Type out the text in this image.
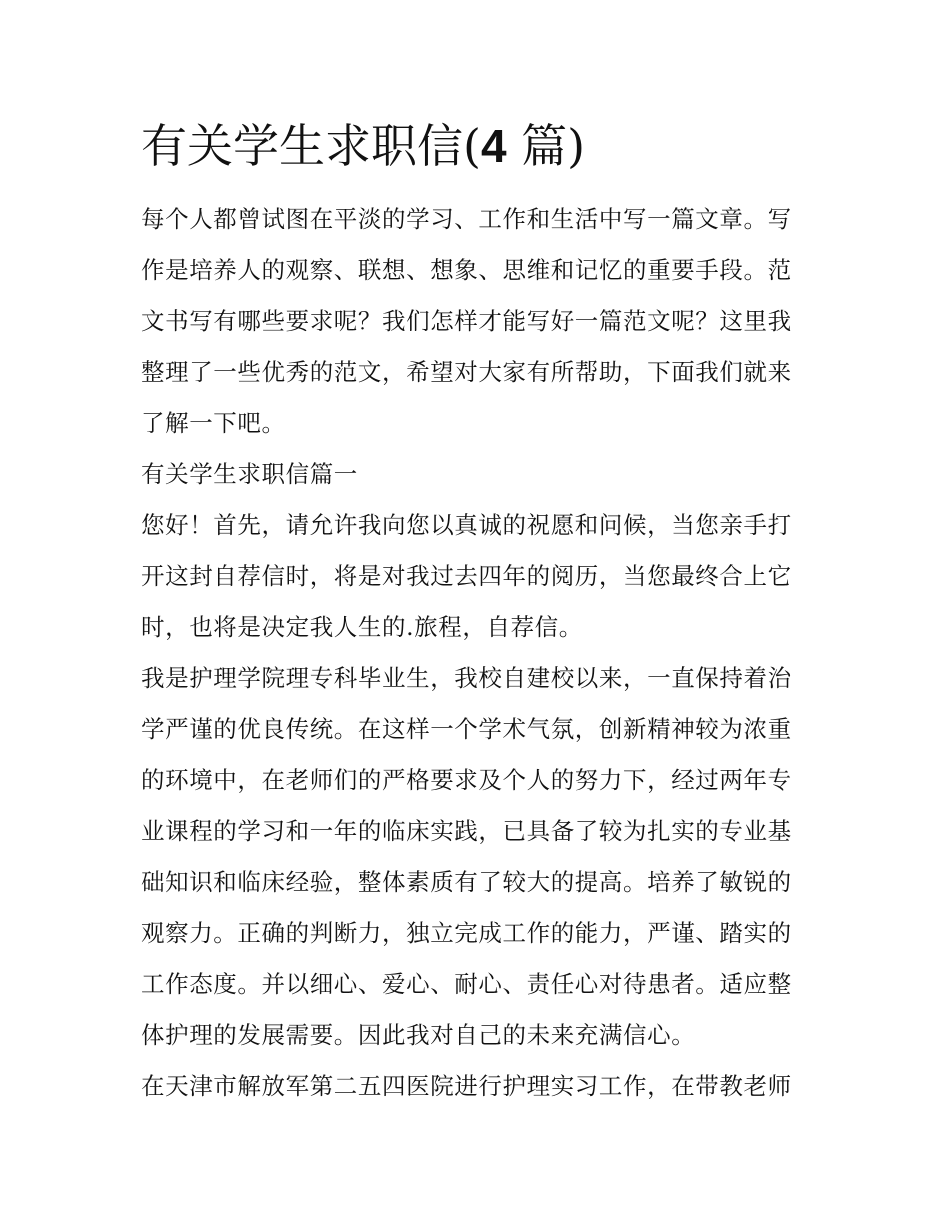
有关学生求职信(4 篇)
每个人都曾试图在平淡的学习、工作和生活中写一篇文章。写
作是培养人的观察、联想、想象、思维和记忆的重要手段。范
文书写有哪些要求呢？我们怎样才能写好一篇范文呢？这里我
整理了一些优秀的范文，希望对大家有所帮助，下面我们就来
了解一下吧。
有关学生求职信篇一
您好！首先，请允许我向您以真诚的祝愿和问候，当您亲手打
开这封自荐信时，将是对我过去四年的阅历，当您最终合上它
时，也将是决定我人生的.旅程，自荐信。
我是护理学院理专科毕业生，我校自建校以来，一直保持着治
学严谨的优良传统。在这样一个学术气氛，创新精神较为浓重
的环境中，在老师们的严格要求及个人的努力下，经过两年专
业课程的学习和一年的临床实践，已具备了较为扎实的专业基
础知识和临床经验，整体素质有了较大的提高。培养了敏锐的
观察力。正确的判断力，独立完成工作的能力，严谨、踏实的
工作态度。并以细心、爱心、耐心、责任心对待患者。适应整
体护理的发展需要。因此我对自己的未来充满信心。
在天津市解放军第二五四医院进行护理实习工作，在带教老师
